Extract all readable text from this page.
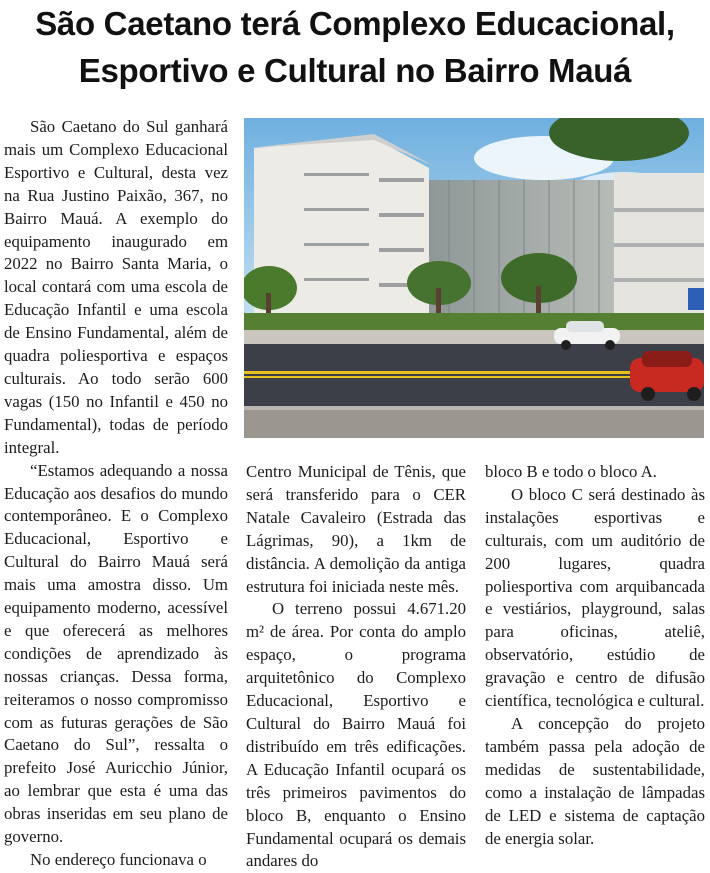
São Caetano terá Complexo Educacional,
Esportivo e Cultural no Bairro Mauá

São Caetano do Sul ganhará mais um Complexo Educacional Esportivo e Cultural, desta vez na Rua Justino Paixão, 367, no Bairro Mauá. A exemplo do equipamento inaugurado em 2022 no Bairro Santa Maria, o local contará com uma escola de Educação Infantil e uma escola de Ensino Fundamental, além de quadra poliesportiva e espaços culturais. Ao todo serão 600 vagas (150 no Infantil e 450 no Fundamental), todas de período integral.

“Estamos adequando a nossa Educação aos desafios do mundo contemporâneo. E o Complexo Educacional, Esportivo e Cultural do Bairro Mauá será mais uma amostra disso. Um equipamento moderno, acessível e que oferecerá as melhores condições de aprendizado às nossas crianças. Dessa forma, reiteramos o nosso compromisso com as futuras gerações de São Caetano do Sul”, ressalta o prefeito José Auricchio Júnior, ao lembrar que esta é uma das obras inseridas em seu plano de governo.

No endereço funcionava o

Centro Municipal de Tênis, que será transferido para o CER Natale Cavaleiro (Estrada das Lágrimas, 90), a 1km de distância. A demolição da antiga estrutura foi iniciada neste mês.

O terreno possui 4.671.20 m² de área. Por conta do amplo espaço, o programa arquitetônico do Complexo Educacional, Esportivo e Cultural do Bairro Mauá foi distribuído em três edificações. A Educação Infantil ocupará os três primeiros pavimentos do bloco B, enquanto o Ensino Fundamental ocupará os demais andares do

bloco B e todo o bloco A.

O bloco C será destinado às instalações esportivas e culturais, com um auditório de 200 lugares, quadra poliesportiva com arquibancada e vestiários, playground, salas para oficinas, ateliê, observatório, estúdio de gravação e centro de difusão científica, tecnológica e cultural.

A concepção do projeto também passa pela adoção de medidas de sustentabilidade, como a instalação de lâmpadas de LED e sistema de captação de energia solar.
